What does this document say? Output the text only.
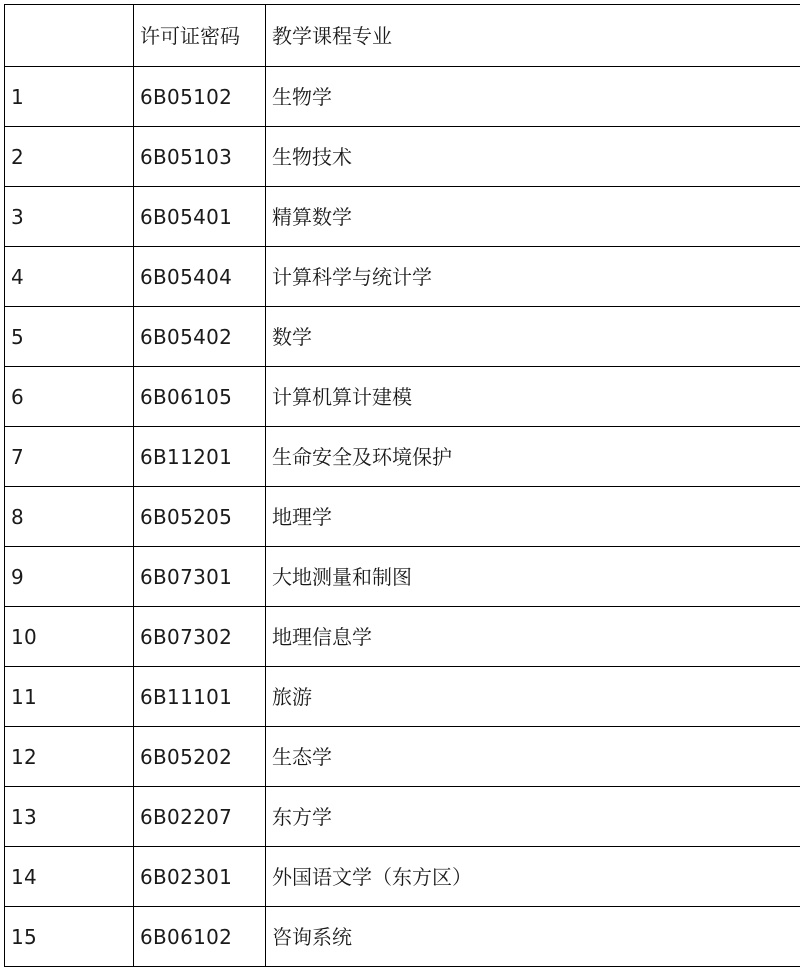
	许可证密码	教学课程专业
1	6B05102	生物学
2	6B05103	生物技术
3	6B05401	精算数学
4	6B05404	计算科学与统计学
5	6B05402	数学
6	6B06105	计算机算计建模
7	6B11201	生命安全及环境保护
8	6B05205	地理学
9	6B07301	大地测量和制图
10	6B07302	地理信息学
11	6B11101	旅游
12	6B05202	生态学
13	6B02207	东方学
14	6B02301	外国语文学（东方区）
15	6B06102	咨询系统
